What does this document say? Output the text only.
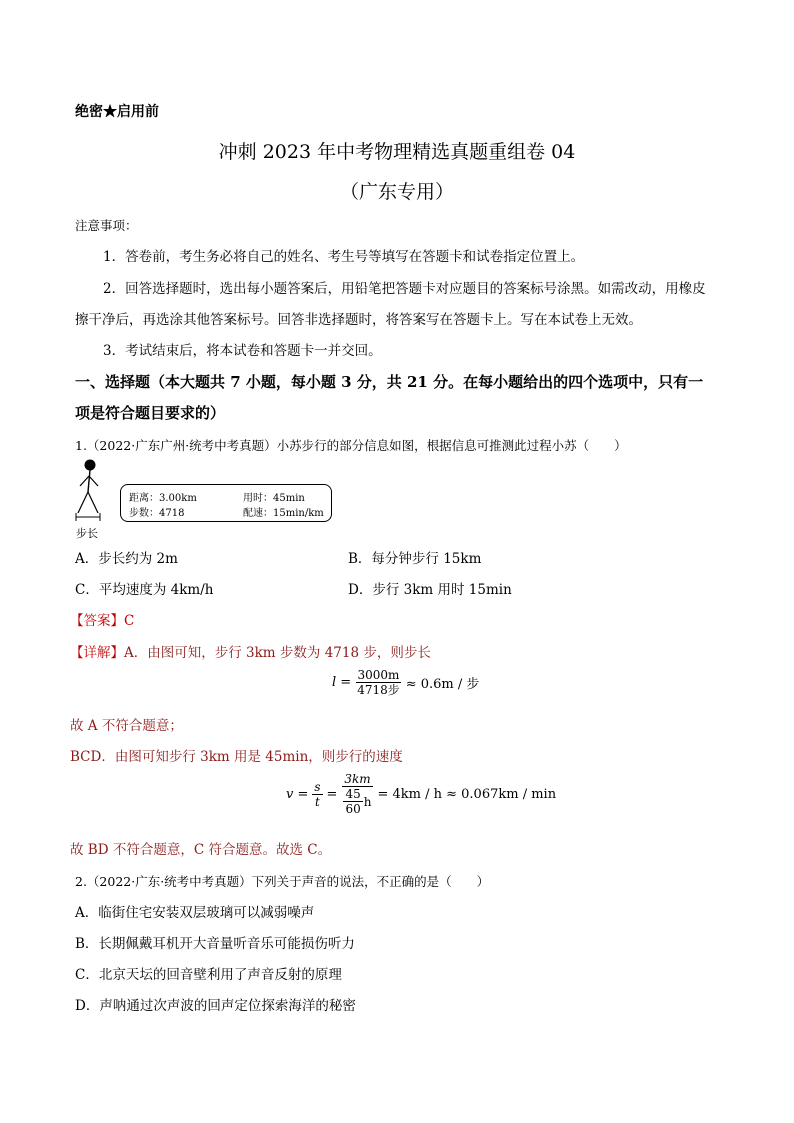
绝密★启用前
冲刺 2023 年中考物理精选真题重组卷 04
（广东专用）
注意事项：
1．答卷前，考生务必将自己的姓名、考生号等填写在答题卡和试卷指定位置上。
2．回答选择题时，选出每小题答案后，用铅笔把答题卡对应题目的答案标号涂黑。如需改动，用橡皮
擦干净后，再选涂其他答案标号。回答非选择题时，将答案写在答题卡上。写在本试卷上无效。
3．考试结束后，将本试卷和答题卡一并交回。
一、选择题（本大题共 7 小题，每小题 3 分，共 21 分。在每小题给出的四个选项中，只有一
项是符合题目要求的）
1.（2022·广东广州·统考中考真题）小苏步行的部分信息如图，根据信息可推测此过程小苏（　　）
步长
距离：3.00km
步数：4718
用时：45min
配速：15min/km
A．步长约为 2m	B．每分钟步行 15km
C．平均速度为 4km/h	D．步行 3km 用时 15min
【答案】C
【详解】A．由图可知，步行 3km 步数为 4718 步，则步长
$l = \frac{3000m}{\text{4718步}} \approx 0.6m$ / 步
故 A 不符合题意；
BCD．由图可知步行 3km 用是 45min，则步行的速度
$v = \frac{s}{t} = \frac{3km}{\frac{45}{60} h} = 4km / h \approx 0.067km / \min$
故 BD 不符合题意，C 符合题意。故选 C。
2.（2022·广东·统考中考真题）下列关于声音的说法，不正确的是（　　）
A．临街住宅安装双层玻璃可以减弱噪声
B．长期佩戴耳机开大音量听音乐可能损伤听力
C．北京天坛的回音壁利用了声音反射的原理
D．声呐通过次声波的回声定位探索海洋的秘密
